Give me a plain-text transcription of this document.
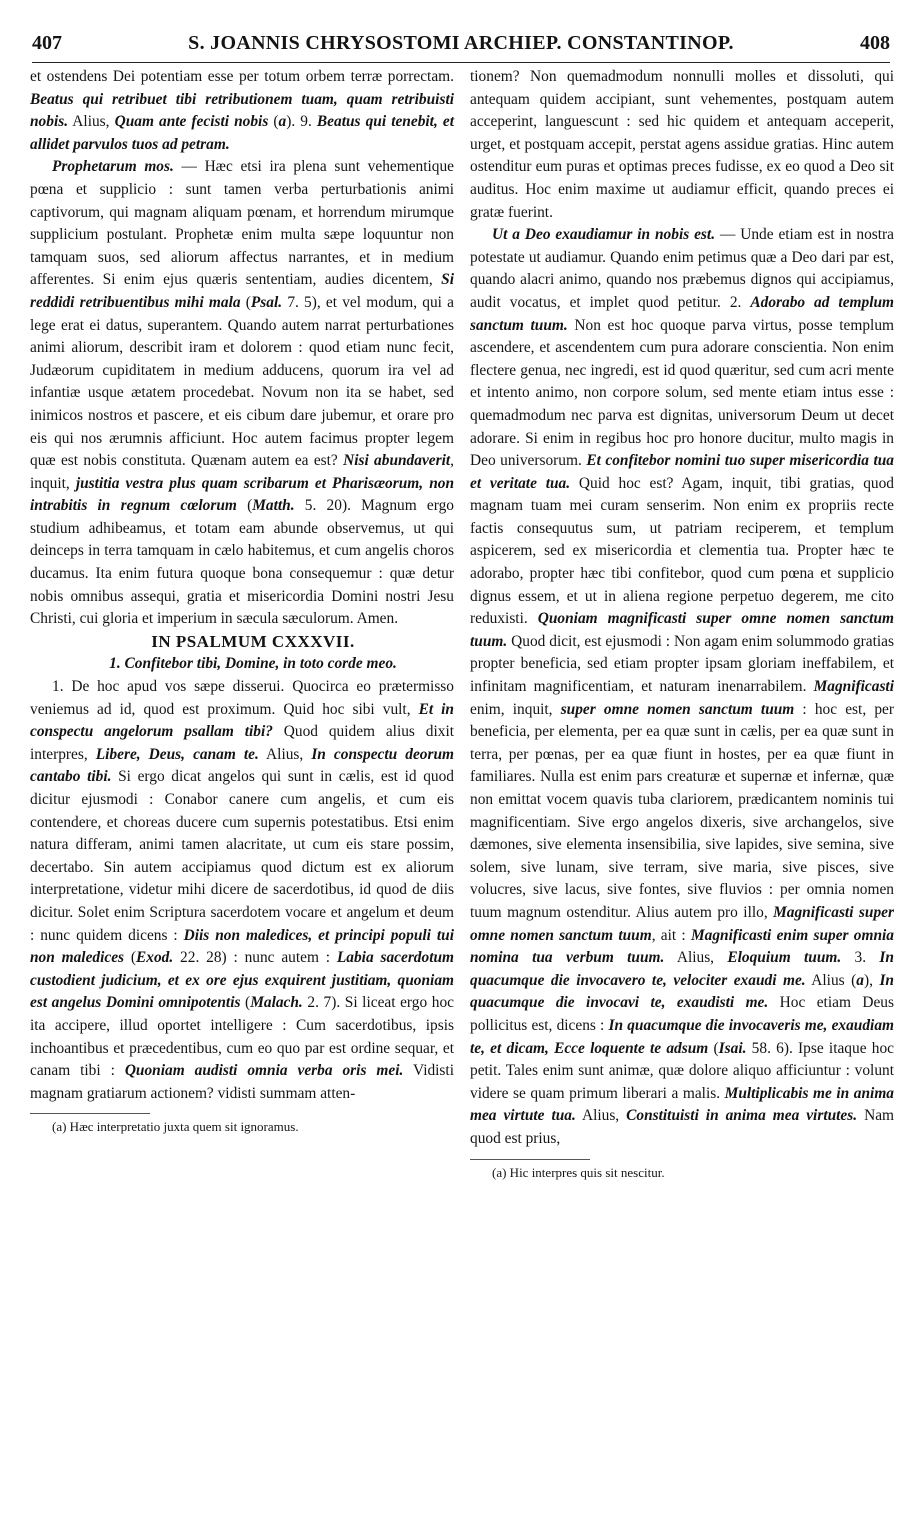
407	S. JOANNIS CHRYSOSTOMI ARCHIEP. CONSTANTINOP.	408

et ostendens Dei potentiam esse per totum orbem terræ porrectam. Beatus qui retribuet tibi retributionem tuam, quam retribuisti nobis. Alius, Quam ante fecisti nobis (a). 9. Beatus qui tenebit, et allidet parvulos tuos ad petram.

Prophetarum mos. — Hæc etsi ira plena sunt vehementique pœna et supplicio : sunt tamen verba perturbationis animi captivorum, qui magnam aliquam pœnam, et horrendum mirumque supplicium postulant. Prophetæ enim multa sæpe loquuntur non tamquam suos, sed aliorum affectus narrantes, et in medium afferentes. Si enim ejus quæris sententiam, audies dicentem, Si reddidi retribuentibus mihi mala (Psal. 7. 5), et vel modum, qui a lege erat ei datus, superantem. Quando autem narrat perturbationes animi aliorum, describit iram et dolorem : quod etiam nunc fecit, Judæorum cupiditatem in medium adducens, quorum ira vel ad infantiæ usque ætatem procedebat. Novum non ita se habet, sed inimicos nostros et pascere, et eis cibum dare jubemur, et orare pro eis qui nos ærumnis afficiunt. Hoc autem facimus propter legem quæ est nobis constituta. Quænam autem ea est? Nisi abundaverit, inquit, justitia vestra plus quam scribarum et Pharisæorum, non intrabitis in regnum cœlorum (Matth. 5. 20). Magnum ergo studium adhibeamus, et totam eam abunde observemus, ut qui deinceps in terra tamquam in cælo habitemus, et cum angelis choros ducamus. Ita enim futura quoque bona consequemur : quæ detur nobis omnibus assequi, gratia et misericordia Domini nostri Jesu Christi, cui gloria et imperium in sæcula sæculorum. Amen.

IN PSALMUM CXXXVII.

1. Confitebor tibi, Domine, in toto corde meo.

1. De hoc apud vos sæpe disserui. Quocirca eo prætermisso veniemus ad id, quod est proximum. Quid hoc sibi vult, Et in conspectu angelorum psallam tibi? Quod quidem alius dixit interpres, Libere, Deus, canam te. Alius, In conspectu deorum cantabo tibi. Si ergo dicat angelos qui sunt in cælis, est id quod dicitur ejusmodi : Conabor canere cum angelis, et cum eis contendere, et choreas ducere cum supernis potestatibus. Etsi enim natura differam, animi tamen alacritate, ut cum eis stare possim, decertabo. Sin autem accipiamus quod dictum est ex aliorum interpretatione, videtur mihi dicere de sacerdotibus, id quod de diis dicitur. Solet enim Scriptura sacerdotem vocare et angelum et deum : nunc quidem dicens : Diis non maledices, et principi populi tui non maledices (Exod. 22. 28) : nunc autem : Labia sacerdotum custodient judicium, et ex ore ejus exquirent justitiam, quoniam est angelus Domini omnipotentis (Malach. 2. 7). Si liceat ergo hoc ita accipere, illud oportet intelligere : Cum sacerdotibus, ipsis inchoantibus et præcedentibus, cum eo quo par est ordine sequar, et canam tibi : Quoniam audisti omnia verba oris mei. Vidisti magnam gratiarum actionem? vidisti summam atten-

(a) Hæc interpretatio juxta quem sit ignoramus.

tionem? Non quemadmodum nonnulli molles et dissoluti, qui antequam quidem accipiant, sunt vehementes, postquam autem acceperint, languescunt : sed hic quidem et antequam acceperit, urget, et postquam accepit, perstat agens assidue gratias. Hinc autem ostenditur eum puras et optimas preces fudisse, ex eo quod a Deo sit auditus. Hoc enim maxime ut audiamur efficit, quando preces ei gratæ fuerint.

Ut a Deo exaudiamur in nobis est. — Unde etiam est in nostra potestate ut audiamur. Quando enim petimus quæ a Deo dari par est, quando alacri animo, quando nos præbemus dignos qui accipiamus, audit vocatus, et implet quod petitur. 2. Adorabo ad templum sanctum tuum. Non est hoc quoque parva virtus, posse templum ascendere, et ascendentem cum pura adorare conscientia. Non enim flectere genua, nec ingredi, est id quod quæritur, sed cum acri mente et intento animo, non corpore solum, sed mente etiam intus esse : quemadmodum nec parva est dignitas, universorum Deum ut decet adorare. Si enim in regibus hoc pro honore ducitur, multo magis in Deo universorum. Et confitebor nomini tuo super misericordia tua et veritate tua. Quid hoc est? Agam, inquit, tibi gratias, quod magnam tuam mei curam senserim. Non enim ex propriis recte factis consequutus sum, ut patriam reciperem, et templum aspicerem, sed ex misericordia et clementia tua. Propter hæc te adorabo, propter hæc tibi confitebor, quod cum pœna et supplicio dignus essem, et ut in aliena regione perpetuo degerem, me cito reduxisti. Quoniam magnificasti super omne nomen sanctum tuum. Quod dicit, est ejusmodi : Non agam enim solummodo gratias propter beneficia, sed etiam propter ipsam gloriam ineffabilem, et infinitam magnificentiam, et naturam inenarrabilem. Magnificasti enim, inquit, super omne nomen sanctum tuum : hoc est, per beneficia, per elementa, per ea quæ sunt in cælis, per ea quæ sunt in terra, per pœnas, per ea quæ fiunt in hostes, per ea quæ fiunt in familiares. Nulla est enim pars creaturæ et supernæ et infernæ, quæ non emittat vocem quavis tuba clariorem, prædicantem nominis tui magnificentiam. Sive ergo angelos dixeris, sive archangelos, sive dæmones, sive elementa insensibilia, sive lapides, sive semina, sive solem, sive lunam, sive terram, sive maria, sive pisces, sive volucres, sive lacus, sive fontes, sive fluvios : per omnia nomen tuum magnum ostenditur. Alius autem pro illo, Magnificasti super omne nomen sanctum tuum, ait : Magnificasti enim super omnia nomina tua verbum tuum. Alius, Eloquium tuum. 3. In quacumque die invocavero te, velociter exaudi me. Alius (a), In quacumque die invocavi te, exaudisti me. Hoc etiam Deus pollicitus est, dicens : In quacumque die invocaveris me, exaudiam te, et dicam, Ecce loquente te adsum (Isai. 58. 6). Ipse itaque hoc petit. Tales enim sunt animæ, quæ dolore aliquo afficiuntur : volunt videre se quam primum liberari a malis. Multiplicabis me in anima mea virtute tua. Alius, Constituisti in anima mea virtutes. Nam quod est prius,

(a) Hic interpres quis sit nescitur.
